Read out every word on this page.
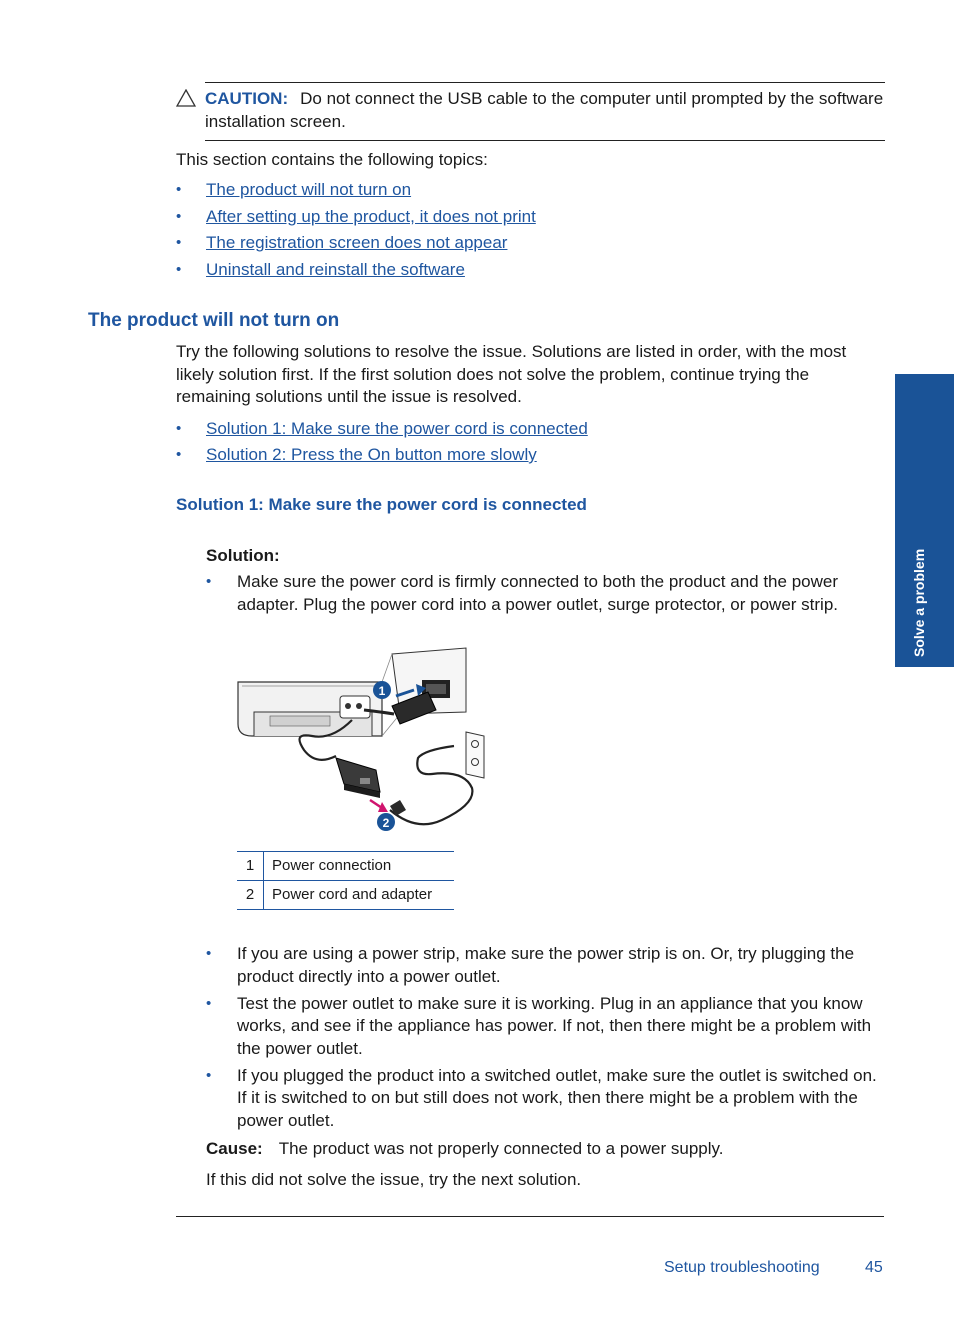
CAUTION: Do not connect the USB cable to the computer until prompted by the software installation screen.
This section contains the following topics:
• The product will not turn on
• After setting up the product, it does not print
• The registration screen does not appear
• Uninstall and reinstall the software
The product will not turn on
Try the following solutions to resolve the issue. Solutions are listed in order, with the most likely solution first. If the first solution does not solve the problem, continue trying the remaining solutions until the issue is resolved.
• Solution 1: Make sure the power cord is connected
• Solution 2: Press the On button more slowly
Solution 1: Make sure the power cord is connected
Solution:
• Make sure the power cord is firmly connected to both the product and the power adapter. Plug the power cord into a power outlet, surge protector, or power strip.
1
2
1	Power connection
2	Power cord and adapter
• If you are using a power strip, make sure the power strip is on. Or, try plugging the product directly into a power outlet.
• Test the power outlet to make sure it is working. Plug in an appliance that you know works, and see if the appliance has power. If not, then there might be a problem with the power outlet.
• If you plugged the product into a switched outlet, make sure the outlet is switched on. If it is switched to on but still does not work, then there might be a problem with the power outlet.
Cause: The product was not properly connected to a power supply.
If this did not solve the issue, try the next solution.
Setup troubleshooting	45
Solve a problem
